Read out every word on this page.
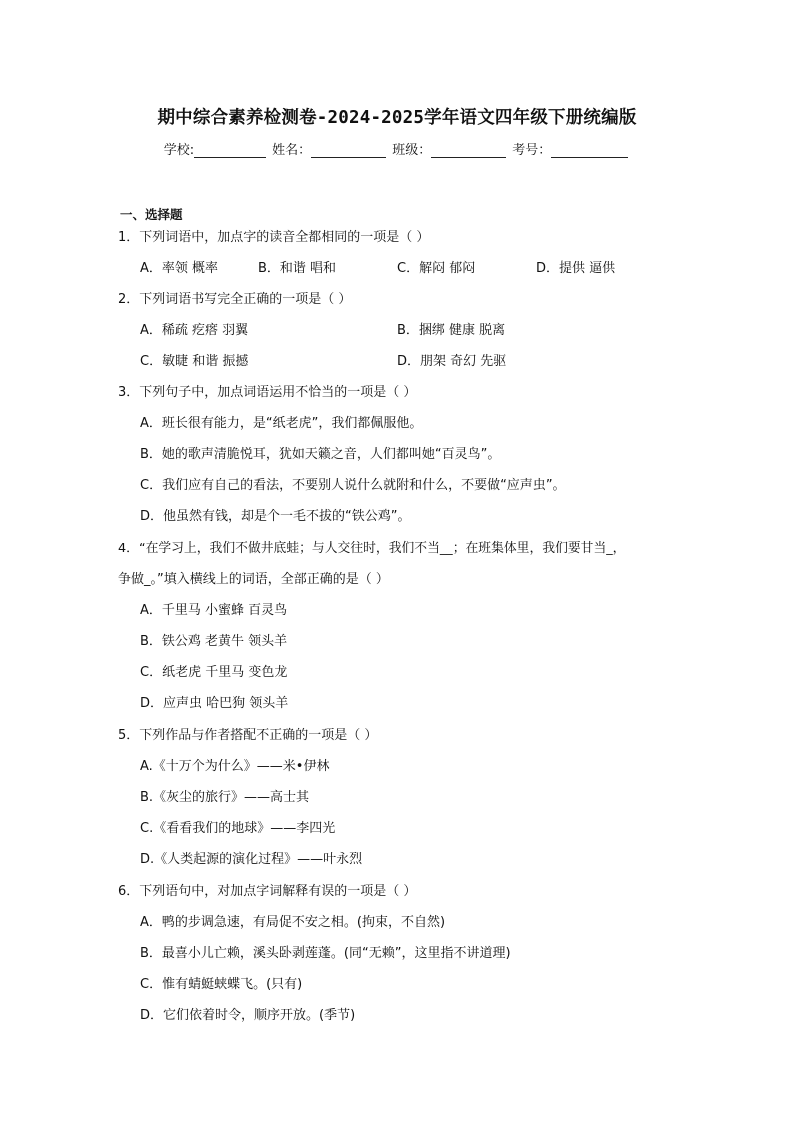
期中综合素养检测卷-2024-2025学年语文四年级下册统编版
学校:	姓名：	班级：	考号：
一、选择题
1．下列词语中，加点字的读音全都相同的一项是（ ）
A．率领 概率	B．和谐 唱和	C．解闷 郁闷	D．提供 逼供
2．下列词语书写完全正确的一项是（ ）
A．稀疏 疙瘩 羽翼	B．捆绑 健康 脱离
C．敏睫 和谐 振撼	D．朋架 奇幻 先驱
3．下列句子中，加点词语运用不恰当的一项是（ ）
A．班长很有能力，是“纸老虎”，我们都佩服他。
B．她的歌声清脆悦耳，犹如天籁之音，人们都叫她“百灵鸟”。
C．我们应有自己的看法，不要别人说什么就附和什么，不要做“应声虫”。
D．他虽然有钱，却是个一毛不拔的“铁公鸡”。
4．“在学习上，我们不做井底蛙；与人交往时，我们不当__；在班集体里，我们要甘当_，
争做_。”填入横线上的词语，全部正确的是（ ）
A．千里马 小蜜蜂 百灵鸟
B．铁公鸡 老黄牛 领头羊
C．纸老虎 千里马 变色龙
D．应声虫 哈巴狗 领头羊
5．下列作品与作者搭配不正确的一项是（ ）
A.《十万个为什么》——米•伊林
B.《灰尘的旅行》——高士其
C.《看看我们的地球》——李四光
D.《人类起源的演化过程》——叶永烈
6．下列语句中，对加点字词解释有误的一项是（ ）
A．鸭的步调急速，有局促不安之相。(拘束，不自然)
B．最喜小儿亡赖，溪头卧剥莲蓬。(同“无赖”，这里指不讲道理)
C．惟有蜻蜓蛱蝶飞。(只有)
D．它们依着时令，顺序开放。(季节)
